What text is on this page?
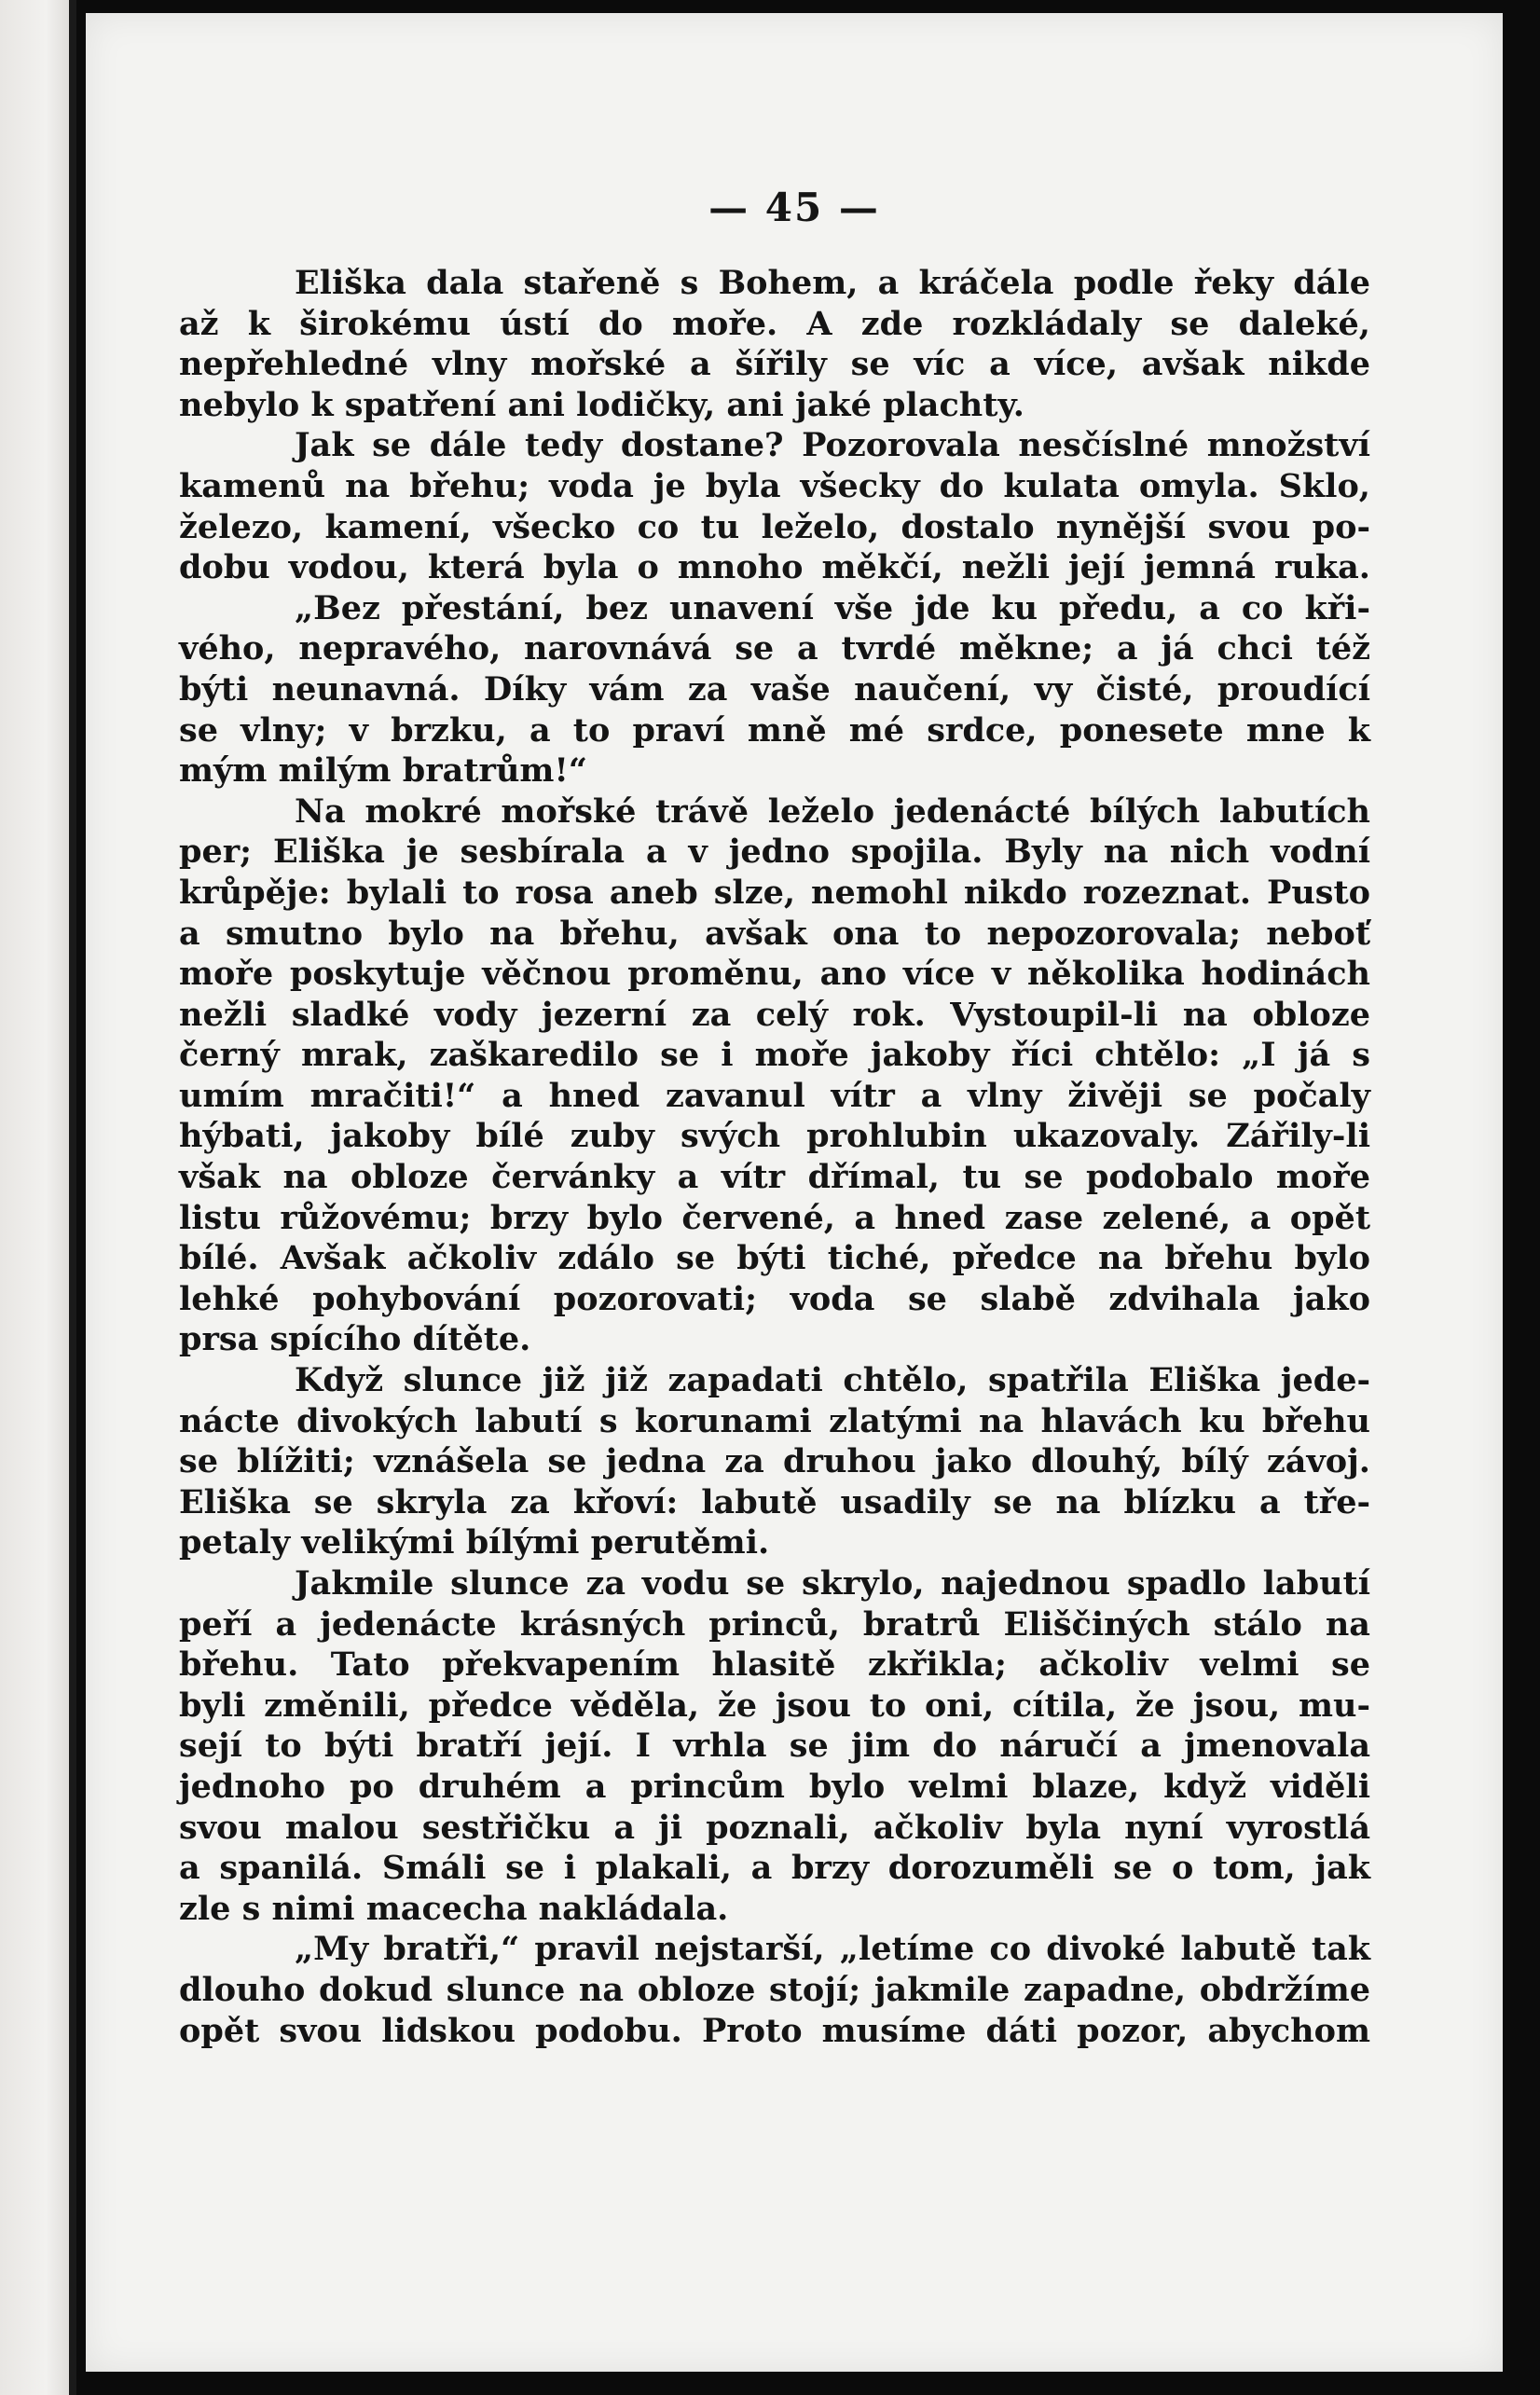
— 45 —
Eliška dala stařeně s Bohem, a kráčela podle řeky dále
až k širokému ústí do moře. A zde rozkládaly se daleké,
nepřehledné vlny mořské a šířily se víc a více, avšak nikde
nebylo k spatření ani lodičky, ani jaké plachty.
Jak se dále tedy dostane? Pozorovala nesčíslné množství
kamenů na břehu; voda je byla všecky do kulata omyla. Sklo,
železo, kamení, všecko co tu leželo, dostalo nynější svou po-
dobu vodou, která byla o mnoho měkčí, nežli její jemná ruka.
„Bez přestání, bez unavení vše jde ku předu, a co kři-
vého, nepravého, narovnává se a tvrdé měkne; a já chci též
býti neunavná. Díky vám za vaše naučení, vy čisté, proudící
se vlny; v brzku, a to praví mně mé srdce, ponesete mne k
mým milým bratrům!“
Na mokré mořské trávě leželo jedenácté bílých labutích
per; Eliška je sesbírala a v jedno spojila. Byly na nich vodní
krůpěje: bylali to rosa aneb slze, nemohl nikdo rozeznat. Pusto
a smutno bylo na břehu, avšak ona to nepozorovala; neboť
moře poskytuje věčnou proměnu, ano více v několika hodinách
nežli sladké vody jezerní za celý rok. Vystoupil-li na obloze
černý mrak, zaškaredilo se i moře jakoby říci chtělo: „I já s
umím mračiti!“ a hned zavanul vítr a vlny živěji se počaly
hýbati, jakoby bílé zuby svých prohlubin ukazovaly. Zářily-li
však na obloze červánky a vítr dřímal, tu se podobalo moře
listu růžovému; brzy bylo červené, a hned zase zelené, a opět
bílé. Avšak ačkoliv zdálo se býti tiché, předce na břehu bylo
lehké pohybování pozorovati; voda se slabě zdvihala jako
prsa spícího dítěte.
Když slunce již již zapadati chtělo, spatřila Eliška jede-
nácte divokých labutí s korunami zlatými na hlavách ku břehu
se blížiti; vznášela se jedna za druhou jako dlouhý, bílý závoj.
Eliška se skryla za křoví: labutě usadily se na blízku a tře-
petaly velikými bílými perutěmi.
Jakmile slunce za vodu se skrylo, najednou spadlo labutí
peří a jedenácte krásných princů, bratrů Eliščiných stálo na
břehu. Tato překvapením hlasitě zkřikla; ačkoliv velmi se
byli změnili, předce věděla, že jsou to oni, cítila, že jsou, mu-
sejí to býti bratří její. I vrhla se jim do náručí a jmenovala
jednoho po druhém a princům bylo velmi blaze, když viděli
svou malou sestřičku a ji poznali, ačkoliv byla nyní vyrostlá
a spanilá. Smáli se i plakali, a brzy dorozuměli se o tom, jak
zle s nimi macecha nakládala.
„My bratři,“ pravil nejstarší, „letíme co divoké labutě tak
dlouho dokud slunce na obloze stojí; jakmile zapadne, obdržíme
opět svou lidskou podobu. Proto musíme dáti pozor, abychom
